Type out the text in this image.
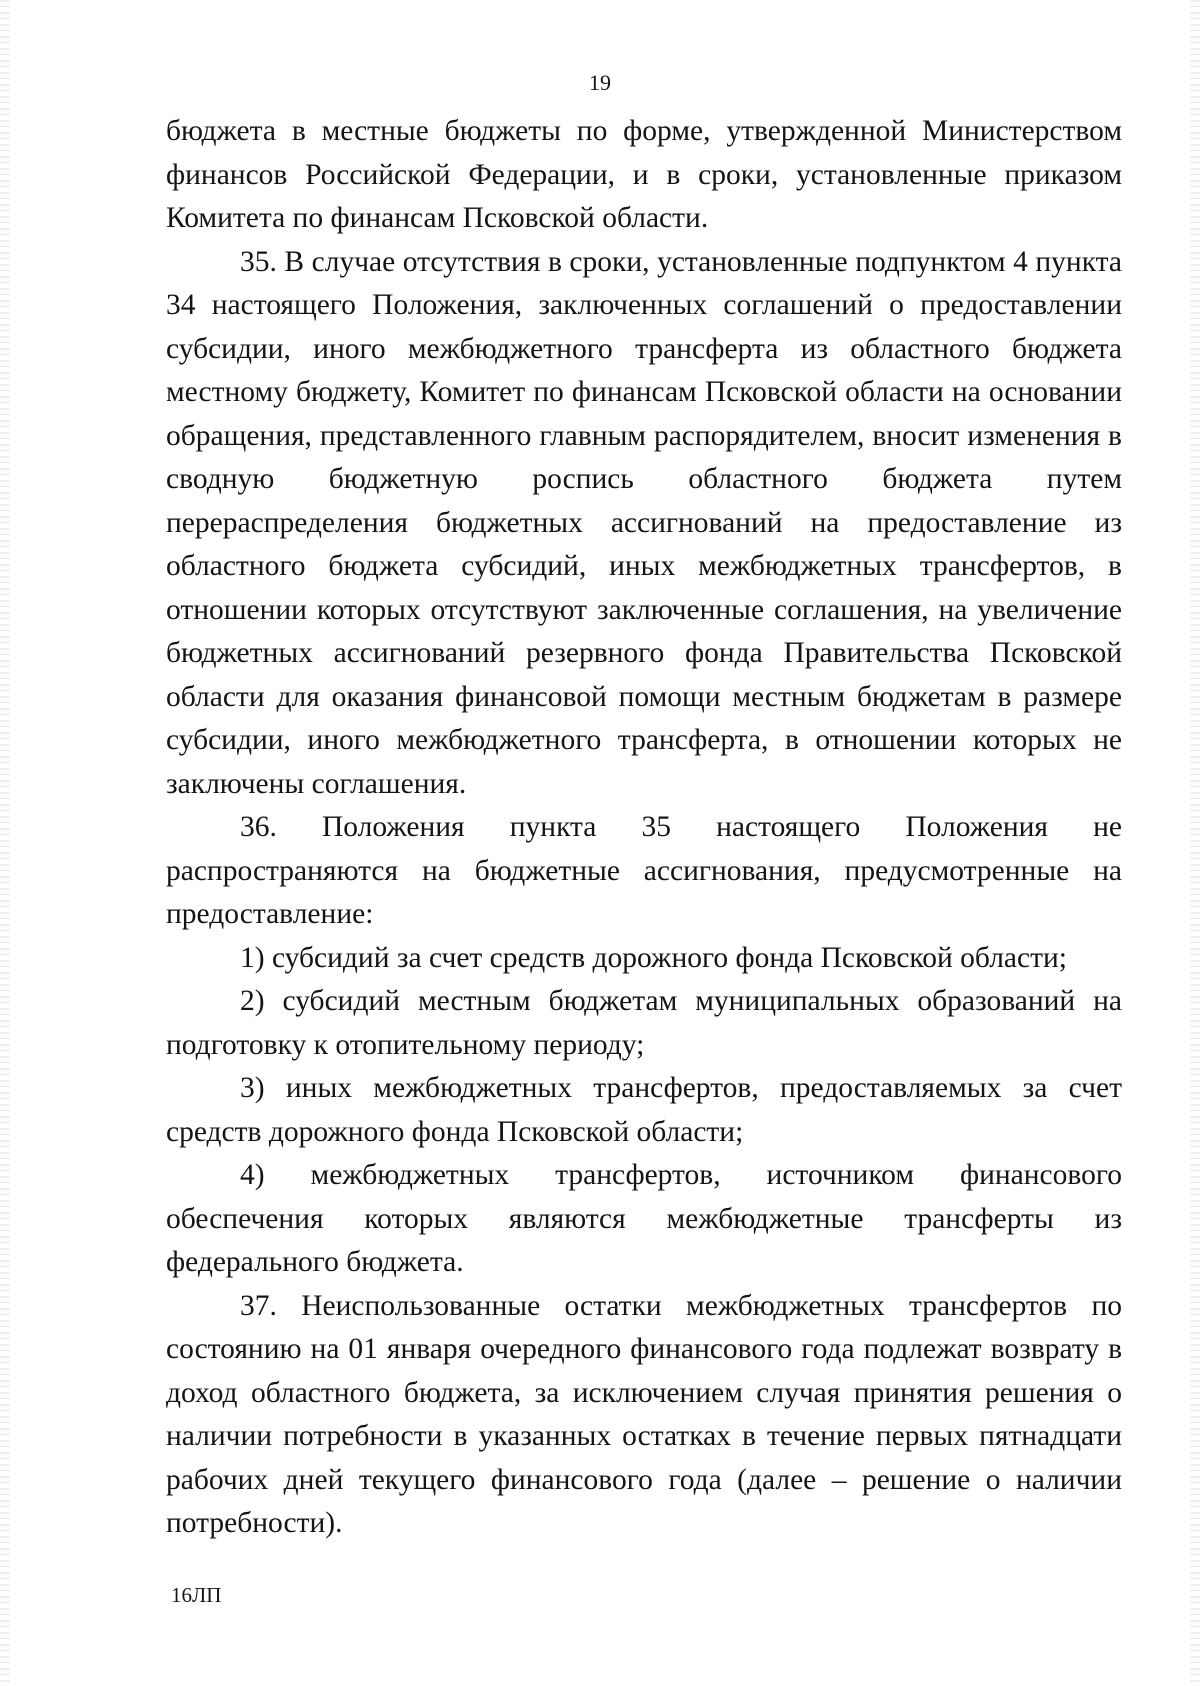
19

бюджета в местные бюджеты по форме, утвержденной Министерством финансов Российской Федерации, и в сроки, установленные приказом Комитета по финансам Псковской области.

35. В случае отсутствия в сроки, установленные подпунктом 4 пункта 34 настоящего Положения, заключенных соглашений о предоставлении субсидии, иного межбюджетного трансферта из областного бюджета местному бюджету, Комитет по финансам Псковской области на основании обращения, представленного главным распорядителем, вносит изменения в сводную бюджетную роспись областного бюджета путем перераспределения бюджетных ассигнований на предоставление из областного бюджета субсидий, иных межбюджетных трансфертов, в отношении которых отсутствуют заключенные соглашения, на увеличение бюджетных ассигнований резервного фонда Правительства Псковской области для оказания финансовой помощи местным бюджетам в размере субсидии, иного межбюджетного трансферта, в отношении которых не заключены соглашения.

36. Положения пункта 35 настоящего Положения не распространяются на бюджетные ассигнования, предусмотренные на предоставление:

1) субсидий за счет средств дорожного фонда Псковской области;

2) субсидий местным бюджетам муниципальных образований на подготовку к отопительному периоду;

3) иных межбюджетных трансфертов, предоставляемых за счет средств дорожного фонда Псковской области;

4) межбюджетных трансфертов, источником финансового обеспечения которых являются межбюджетные трансферты из федерального бюджета.

37. Неиспользованные остатки межбюджетных трансфертов по состоянию на 01 января очередного финансового года подлежат возврату в доход областного бюджета, за исключением случая принятия решения о наличии потребности в указанных остатках в течение первых пятнадцати рабочих дней текущего финансового года (далее – решение о наличии потребности).

16ЛП
